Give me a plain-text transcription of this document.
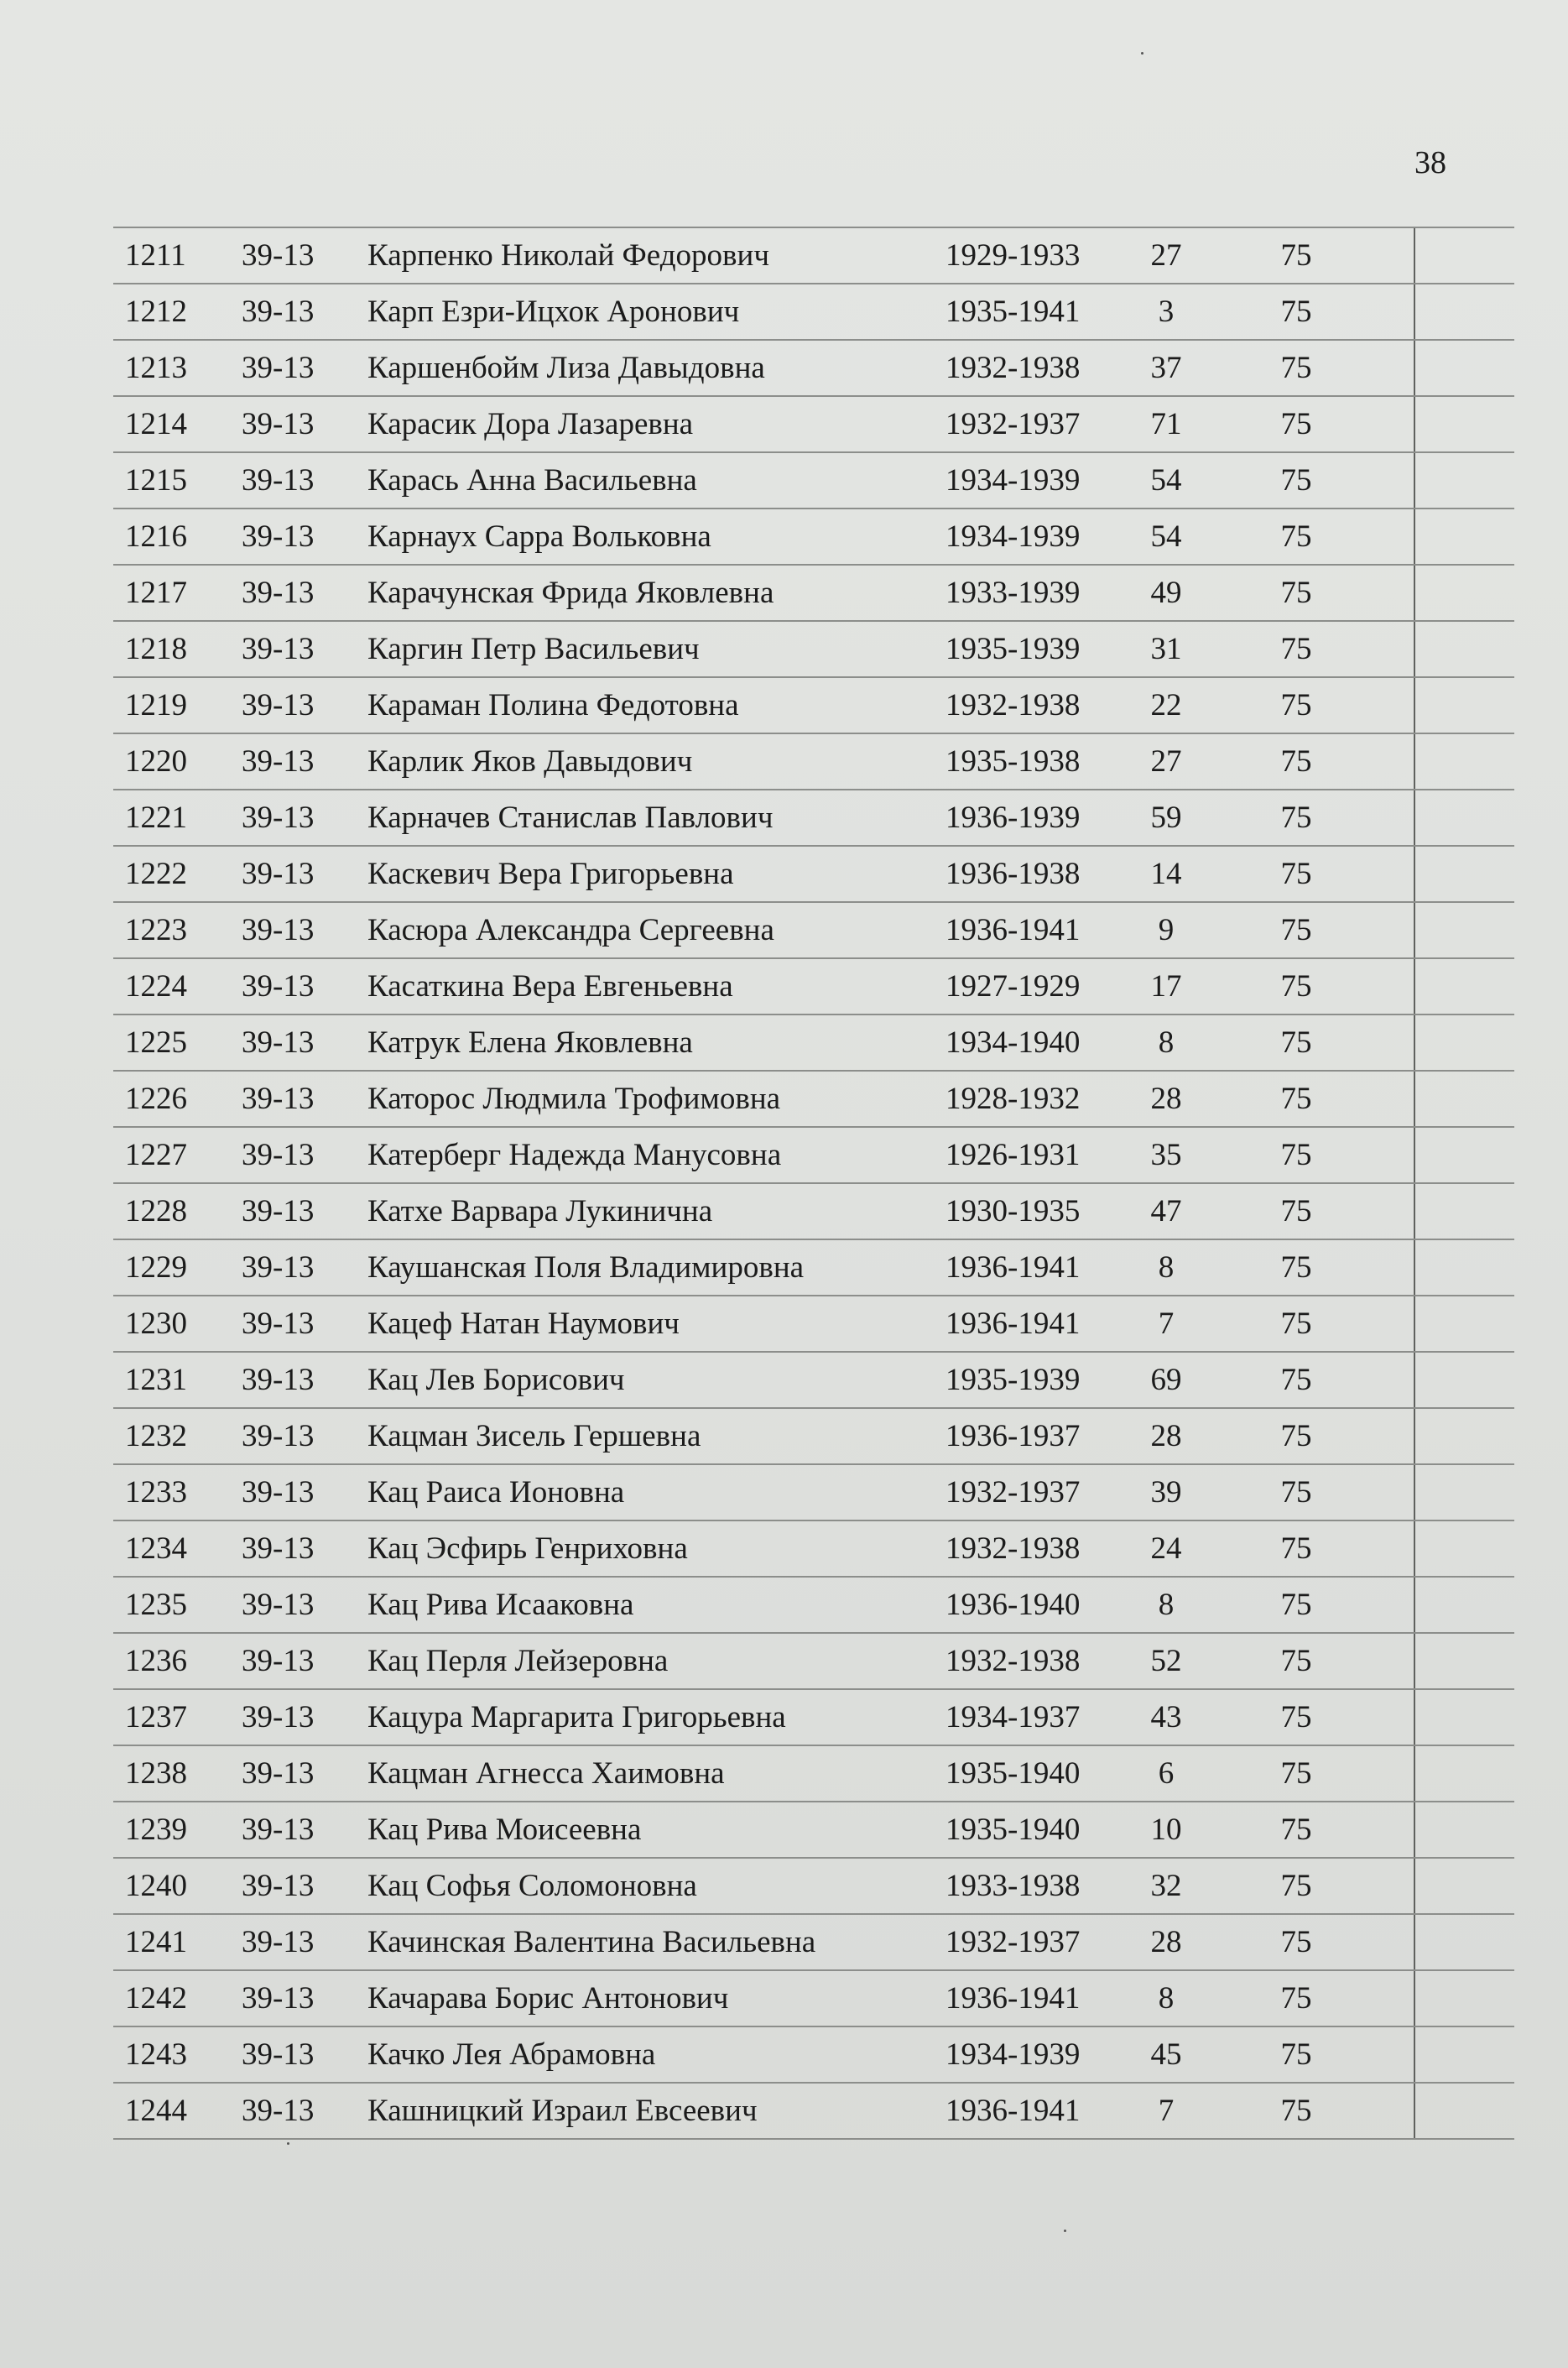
38
1211 39-13 Карпенко Николай Федорович	1929-1933	27	75
1212 39-13 Карп Езри-Ицхок Аронович	1935-1941	3	75
1213 39-13 Каршенбойм Лиза Давыдовна	1932-1938	37	75
1214 39-13 Карасик Дора Лазаревна	1932-1937	71	75
1215 39-13 Карась Анна Васильевна	1934-1939	54	75
1216 39-13 Карнаух Сарра Вольковна	1934-1939	54	75
1217 39-13 Карачунская Фрида Яковлевна	1933-1939	49	75
1218 39-13 Каргин Петр Васильевич	1935-1939	31	75
1219 39-13 Караман Полина Федотовна	1932-1938	22	75
1220 39-13 Карлик Яков Давыдович	1935-1938	27	75
1221 39-13 Карначев Станислав Павлович	1936-1939	59	75
1222 39-13 Каскевич Вера Григорьевна	1936-1938	14	75
1223 39-13 Касюра Александра Сергеевна	1936-1941	9	75
1224 39-13 Касаткина Вера Евгеньевна	1927-1929	17	75
1225 39-13 Катрук Елена Яковлевна	1934-1940	8	75
1226 39-13 Каторос Людмила Трофимовна	1928-1932	28	75
1227 39-13 Катерберг Надежда Манусовна	1926-1931	35	75
1228 39-13 Катхе Варвара Лукинична	1930-1935	47	75
1229 39-13 Каушанская Поля Владимировна	1936-1941	8	75
1230 39-13 Кацеф Натан Наумович	1936-1941	7	75
1231 39-13 Кац Лев Борисович	1935-1939	69	75
1232 39-13 Кацман Зисель Гершевна	1936-1937	28	75
1233 39-13 Кац Раиса Ионовна	1932-1937	39	75
1234 39-13 Кац Эсфирь Генриховна	1932-1938	24	75
1235 39-13 Кац Рива Исааковна	1936-1940	8	75
1236 39-13 Кац Перля Лейзеровна	1932-1938	52	75
1237 39-13 Кацура Маргарита Григорьевна	1934-1937	43	75
1238 39-13 Кацман Агнесса Хаимовна	1935-1940	6	75
1239 39-13 Кац Рива Моисеевна	1935-1940	10	75
1240 39-13 Кац Софья Соломоновна	1933-1938	32	75
1241 39-13 Качинская Валентина Васильевна	1932-1937	28	75
1242 39-13 Качарава Борис Антонович	1936-1941	8	75
1243 39-13 Качко Лея Абрамовна	1934-1939	45	75
1244 39-13 Кашницкий Израил Евсеевич	1936-1941	7	75
